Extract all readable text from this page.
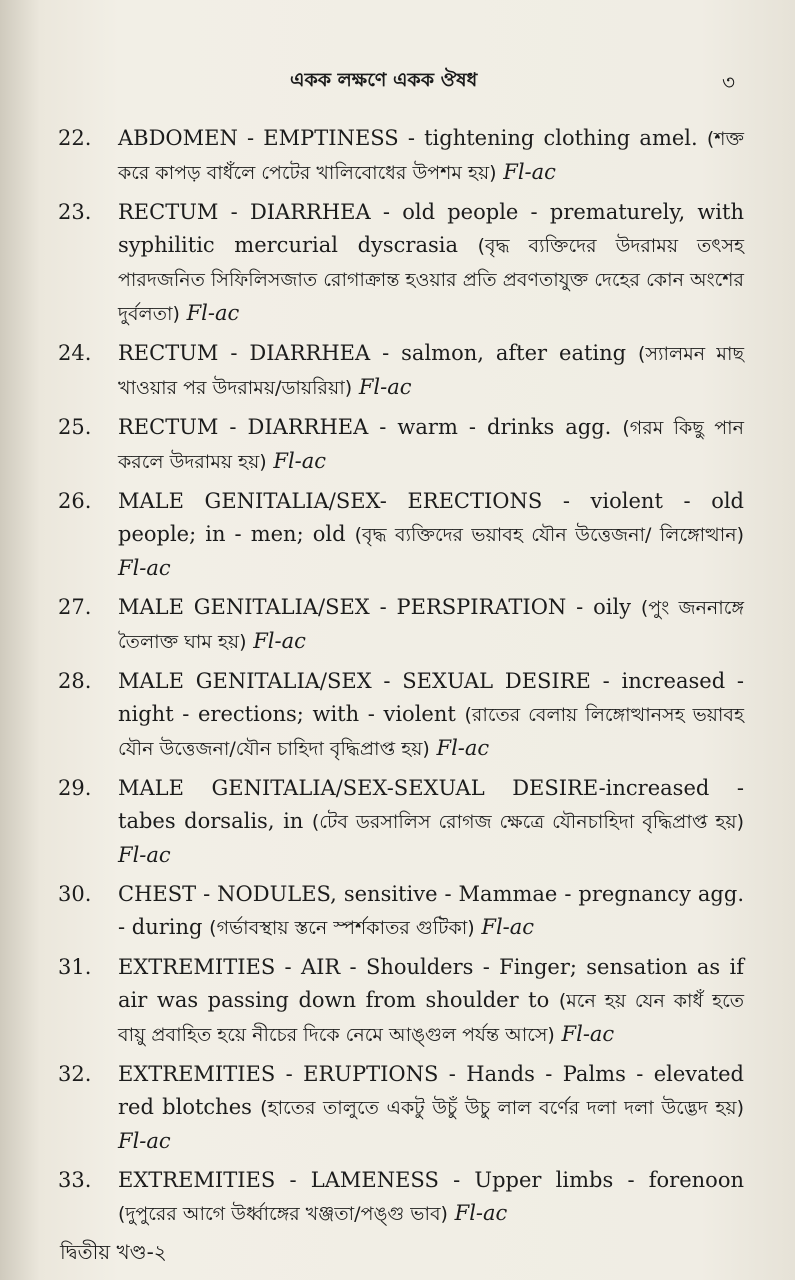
একক লক্ষণে একক ঔষধ	৩
22.	ABDOMEN - EMPTINESS - tightening clothing amel. (শক্ত করে কাপড় বাধঁলে পেটের খালিবোধের উপশম হয়) Fl-ac

23.	RECTUM - DIARRHEA - old people - prematurely, with syphilitic mercurial dyscrasia (বৃদ্ধ ব্যক্তিদের উদরাময় তৎসহ পারদজনিত সিফিলিসজাত রোগাক্রান্ত হওয়ার প্রতি প্রবণতাযুক্ত দেহের কোন অংশের দুর্বলতা) Fl-ac

24.	RECTUM - DIARRHEA - salmon, after eating (স্যালমন মাছ খাওয়ার পর উদরাময়/ডায়রিয়া) Fl-ac

25.	RECTUM - DIARRHEA - warm - drinks agg. (গরম কিছু পান করলে উদরাময় হয়) Fl-ac

26.	MALE GENITALIA/SEX- ERECTIONS - violent - old people; in - men; old (বৃদ্ধ ব্যক্তিদের ভয়াবহ যৌন উত্তেজনা/ লিঙ্গোত্থান) Fl-ac

27.	MALE GENITALIA/SEX - PERSPIRATION - oily (পুং জননাঙ্গে তৈলাক্ত ঘাম হয়) Fl-ac

28.	MALE GENITALIA/SEX - SEXUAL DESIRE - increased - night - erections; with - violent (রাতের বেলায় লিঙ্গোত্থানসহ ভয়াবহ যৌন উত্তেজনা/যৌন চাহিদা বৃদ্ধিপ্রাপ্ত হয়) Fl-ac

29.	MALE GENITALIA/SEX-SEXUAL DESIRE-increased - tabes dorsalis, in (টেব ডরসালিস রোগজ ক্ষেত্রে যৌনচাহিদা বৃদ্ধিপ্রাপ্ত হয়) Fl-ac

30.	CHEST - NODULES, sensitive - Mammae - pregnancy agg. - during (গর্ভাবস্থায় স্তনে স্পর্শকাতর গুটিকা) Fl-ac

31.	EXTREMITIES - AIR - Shoulders - Finger; sensation as if air was passing down from shoulder to (মনে হয় যেন কাধঁ হতে বায়ু প্রবাহিত হয়ে নীচের দিকে নেমে আঙ্গুল পর্যন্ত আসে) Fl-ac

32.	EXTREMITIES - ERUPTIONS - Hands - Palms - elevated red blotches (হাতের তালুতে একটু উচুঁ উচু লাল বর্ণের দলা দলা উদ্ভেদ হয়) Fl-ac

33.	EXTREMITIES - LAMENESS - Upper limbs - forenoon (দুপুরের আগে উর্ধ্বাঙ্গের খঞ্জতা/পঙ্গু ভাব) Fl-ac

দ্বিতীয় খণ্ড-২
